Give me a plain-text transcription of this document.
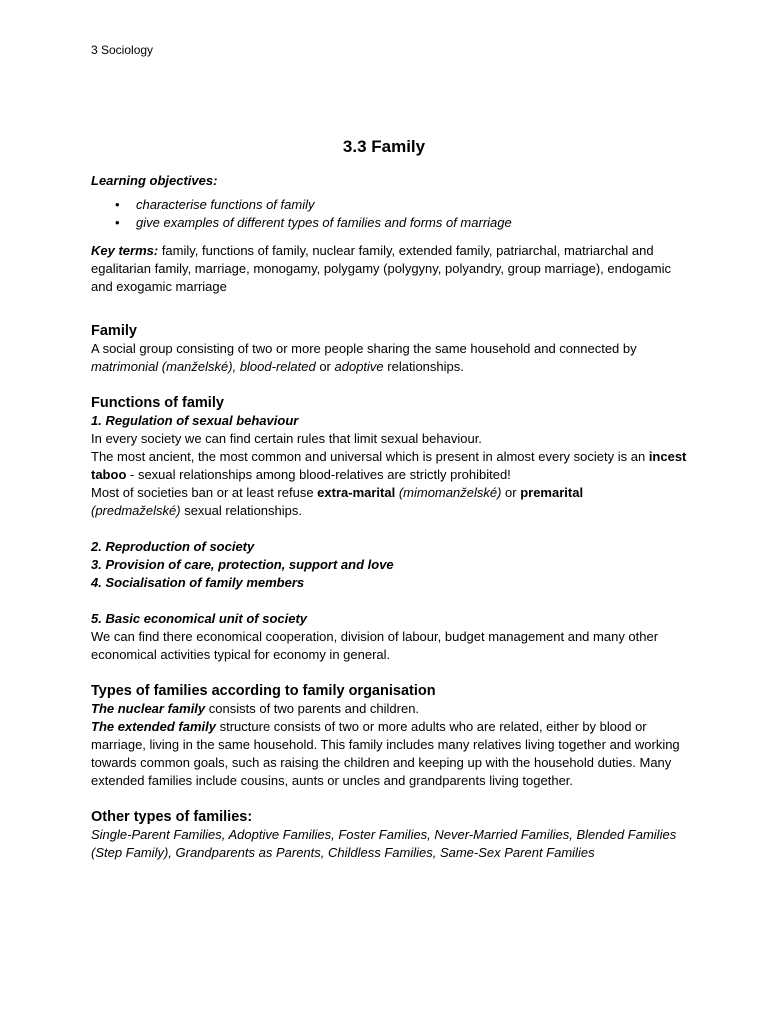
3 Sociology
3.3 Family

Learning objectives:

• characterise functions of family
• give examples of different types of families and forms of marriage

Key terms: family, functions of family, nuclear family, extended family, patriarchal, matriarchal and egalitarian family, marriage, monogamy, polygamy (polygyny, polyandry, group marriage), endogamic and exogamic marriage

Family

A social group consisting of two or more people sharing the same household and connected by matrimonial (manželské), blood-related or adoptive relationships.

Functions of family

1. Regulation of sexual behaviour

In every society we can find certain rules that limit sexual behaviour.

The most ancient, the most common and universal which is present in almost every society is an incest taboo - sexual relationships among blood-relatives are strictly prohibited!

Most of societies ban or at least refuse extra-marital (mimomanželské) or premarital
(predmaželské) sexual relationships.

2. Reproduction of society

3. Provision of care, protection, support and love

4. Socialisation of family members

5. Basic economical unit of society

We can find there economical cooperation, division of labour, budget management and many other economical activities typical for economy in general.

Types of families according to family organisation

The nuclear family consists of two parents and children.

The extended family structure consists of two or more adults who are related, either by blood or marriage, living in the same household. This family includes many relatives living together and working towards common goals, such as raising the children and keeping up with the household duties. Many extended families include cousins, aunts or uncles and grandparents living together.

Other types of families:

Single-Parent Families, Adoptive Families, Foster Families, Never-Married Families, Blended Families (Step Family), Grandparents as Parents, Childless Families, Same-Sex Parent Families
